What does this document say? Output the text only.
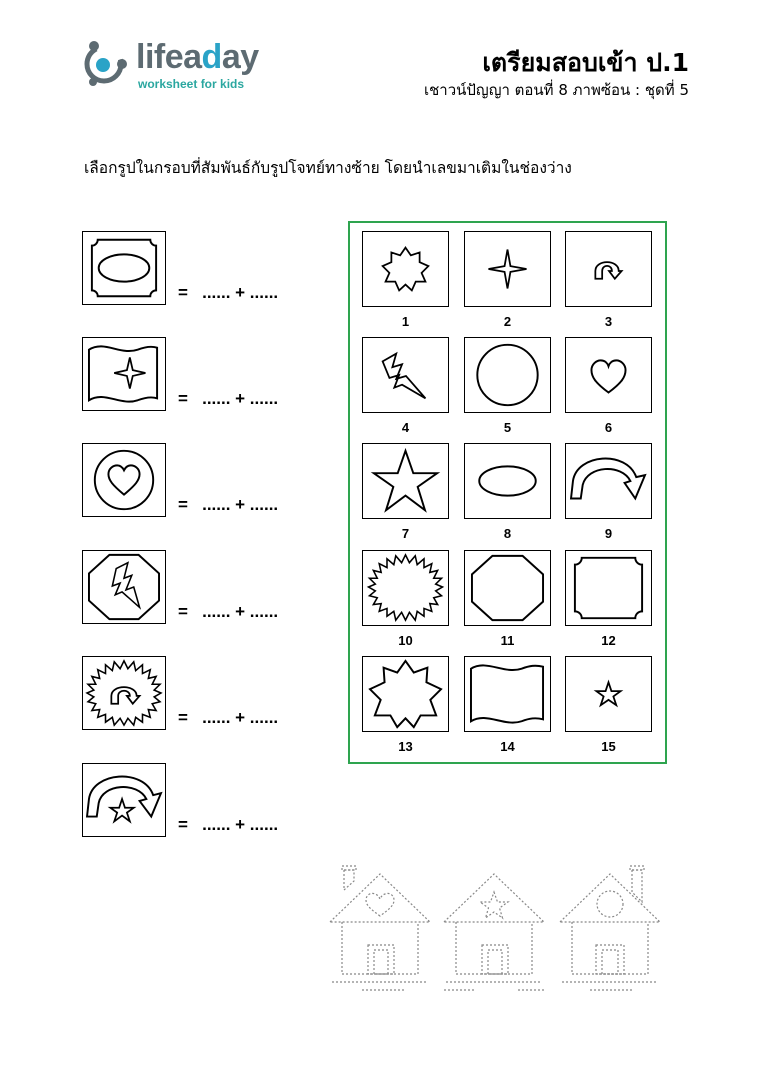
lifeaday
worksheet for kids
เตรียมสอบเข้า ป.1
เชาวน์ปัญญา ตอนที่ 8 ภาพซ้อน : ชุดที่ 5
เลือกรูปในกรอบที่สัมพันธ์กับรูปโจทย์ทางซ้าย โดยนำเลขมาเติมในช่องว่าง
=   ...... + ......
=   ...... + ......
=   ...... + ......
=   ...... + ......
=   ...... + ......
=   ...... + ......
1	2	3
4	5	6
7	8	9
10	11	12
13	14	15
